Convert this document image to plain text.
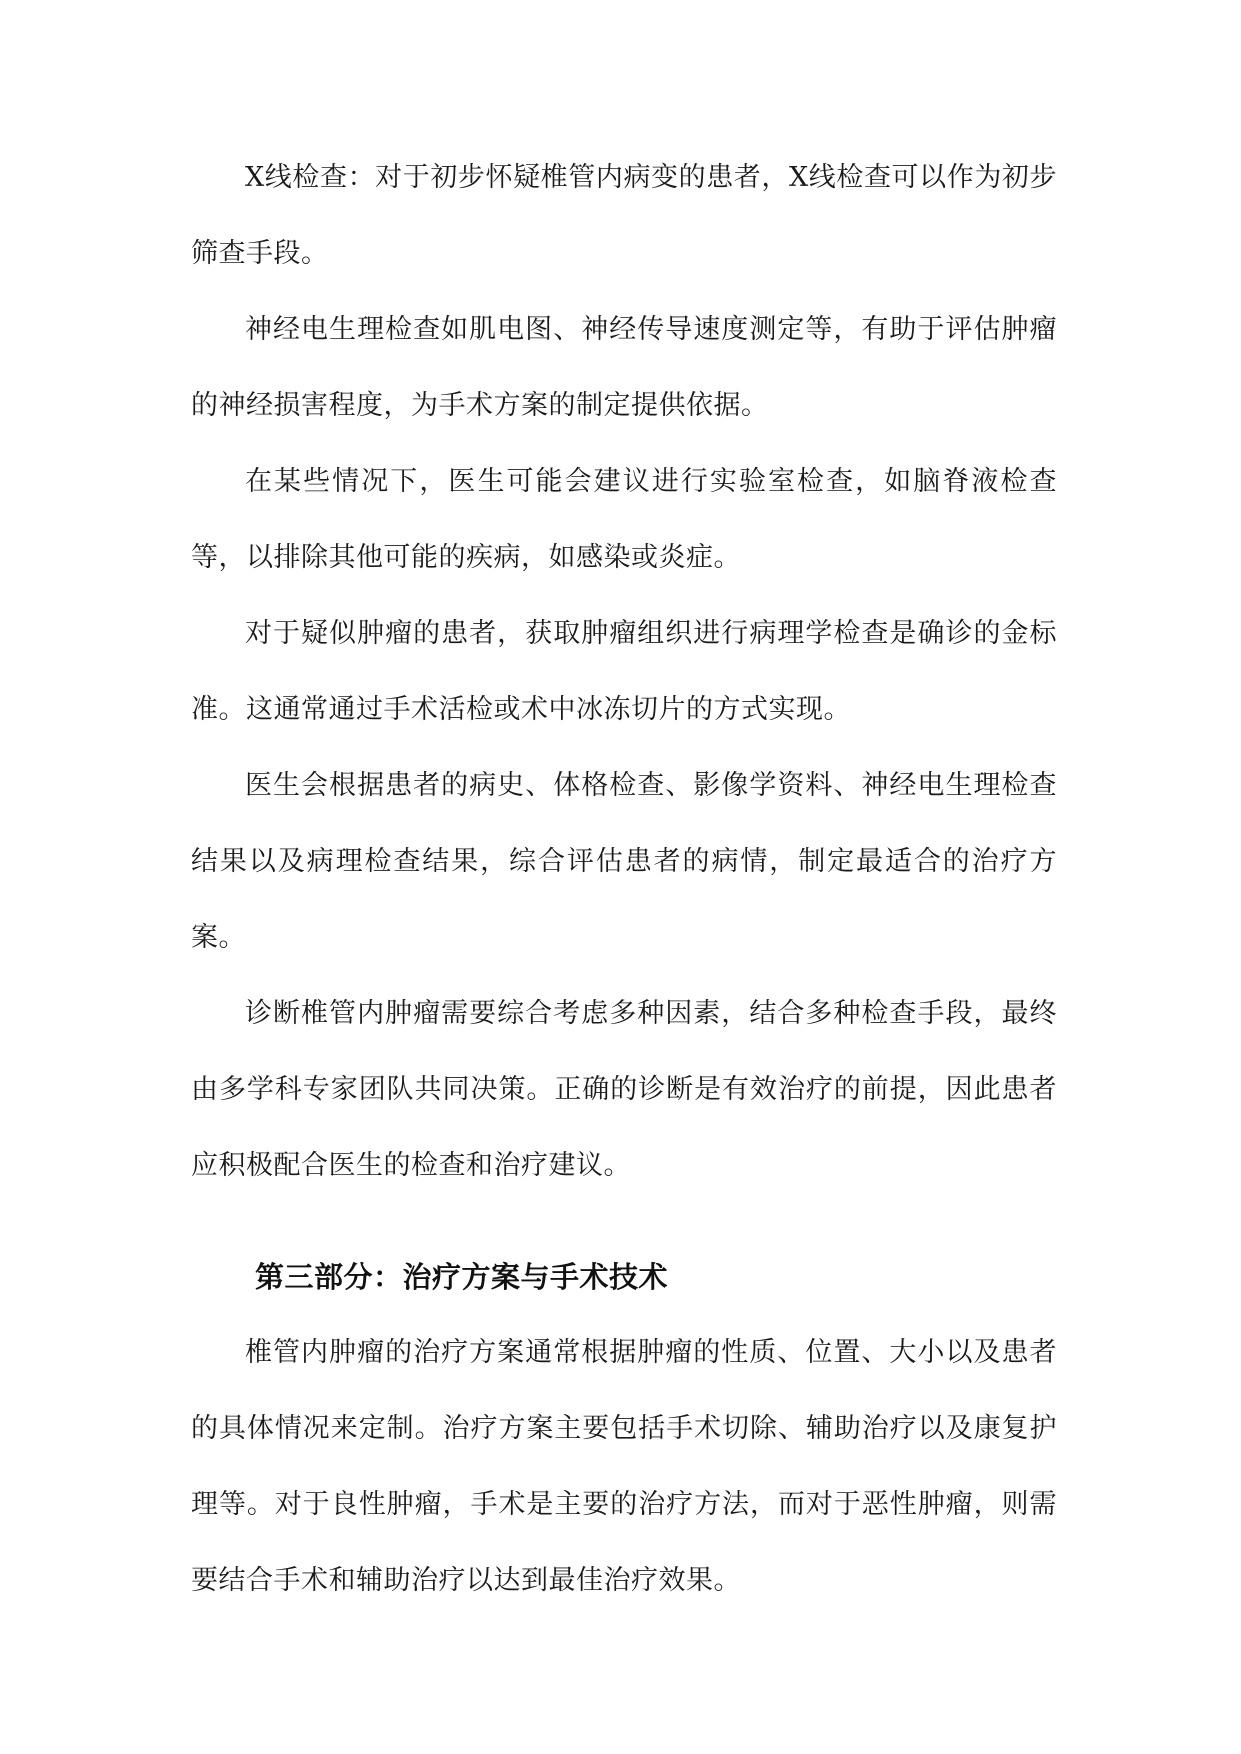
X线检查：对于初步怀疑椎管内病变的患者，X线检查可以作为初步筛查手段。

神经电生理检查如肌电图、神经传导速度测定等，有助于评估肿瘤的神经损害程度，为手术方案的制定提供依据。

在某些情况下，医生可能会建议进行实验室检查，如脑脊液检查等，以排除其他可能的疾病，如感染或炎症。

对于疑似肿瘤的患者，获取肿瘤组织进行病理学检查是确诊的金标准。这通常通过手术活检或术中冰冻切片的方式实现。

医生会根据患者的病史、体格检查、影像学资料、神经电生理检查结果以及病理检查结果，综合评估患者的病情，制定最适合的治疗方案。

诊断椎管内肿瘤需要综合考虑多种因素，结合多种检查手段，最终由多学科专家团队共同决策。正确的诊断是有效治疗的前提，因此患者应积极配合医生的检查和治疗建议。

第三部分：治疗方案与手术技术

椎管内肿瘤的治疗方案通常根据肿瘤的性质、位置、大小以及患者的具体情况来定制。治疗方案主要包括手术切除、辅助治疗以及康复护理等。对于良性肿瘤，手术是主要的治疗方法，而对于恶性肿瘤，则需要结合手术和辅助治疗以达到最佳治疗效果。
